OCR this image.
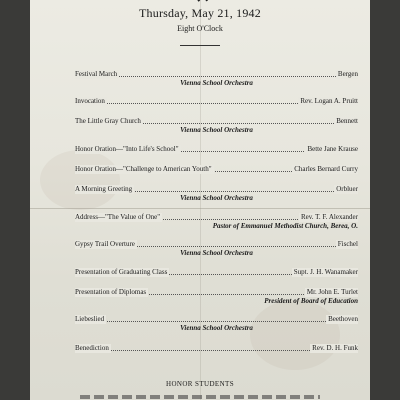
Thursday, May 21, 1942
Eight O'Clock
Festival March	Bergen
Vienna School Orchestra
Invocation	Rev. Logan A. Pruitt
The Little Gray Church	Bennett
Vienna School Orchestra
Honor Oration—"Into Life's School"	Bette Jane Krause
Honor Oration—"Challenge to American Youth"	Charles Bernard Curry
A Morning Greeting	Orbluer
Vienna School Orchestra
Address—"The Value of One"	Rev. T. F. Alexander
Pastor of Emmanuel Methodist Church, Berea, O.
Gypsy Trail Overture	Fischel
Vienna School Orchestra
Presentation of Graduating Class	Supt. J. H. Wanamaker
Presentation of Diplomas	Mr. John E. Turlet
President of Board of Education
Liebeslied	Beethoven
Vienna School Orchestra
Benediction	Rev. D. H. Funk
HONOR STUDENTS
